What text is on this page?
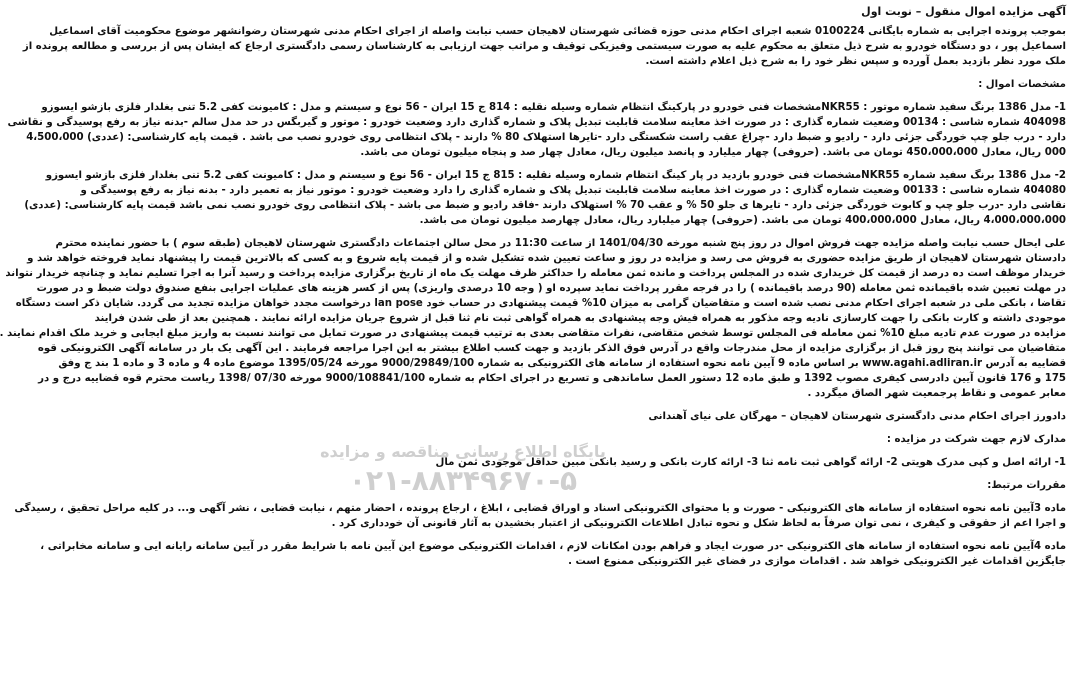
آگهی مزایده اموال منقول – نوبت اول
بموجب پرونده اجرایی به شماره بایگانی 0100224 شعبه اجرای احکام مدنی حوزه قضائی شهرستان لاهیجان حسب نیابت واصله از اجرای احکام مدنی شهرستان رضوانشهر موضوع محکومیت آقای اسماعیل
اسماعیل پور ، دو دستگاه خودرو به شرح ذیل متعلق به محکوم علیه به صورت سیستمی وفیزیکی توقیف و مراتب جهت ارزیابی به کارشناسان رسمی دادگستری ارجاع که ایشان پس از بررسی و مطالعه پرونده از
ملک مورد نظر بازدید بعمل آورده و سپس نظر خود را به شرح ذیل اعلام داشته است.
مشخصات اموال :
1- مدل 1386 برنگ سفید شماره موتور : NKR55مشخصات فنی خودرو در پارکینگ انتظام شماره وسیله نقلیه : 814 ج 15 ایران - 56 نوع و سیستم و مدل : کامیونت کفی 5.2 تنی بغلدار فلزی بازشو ایسوزو
404098 شماره شاسی : 00134 وضعیت شماره گذاری : در صورت اخذ معاینه سلامت قابلیت تبدیل پلاک و شماره گذاری دارد وضعیت خودرو : موتور و گیربگس در حد مدل سالم -بدنه نیاز به رفع پوسیدگی و نقاشی
دارد - درب جلو چپ خوردگی جزئی دارد - رادیو و ضبط دارد -چراغ عقب راست شکستگی دارد -تایرها استهلاک 80 % دارند - پلاک انتظامی روی خودرو نصب می باشد . قیمت پایه کارشناسی: (عددی) 4،500،000
000 ریال، معادل 450،000،000 تومان می باشد. (حروفی) چهار میلیارد و پانصد میلیون ریال، معادل چهار صد و پنجاه میلیون تومان می باشد.
2- مدل 1386 برنگ سفید شماره NKR55مشخصات فنی خودرو بازدید در پار کینگ انتظام شماره وسیله نقلیه : 815 ج 15 ایران - 56 نوع و سیستم و مدل : کامیونت کفی 5.2 تنی بغلدار فلزی بازشو ایسوزو
404080 شماره شاسی : 00133 وضعیت شماره گذاری : در صورت اخذ معاینه سلامت قابلیت تبدیل پلاک و شماره گذاری را دارد وضعیت خودرو : موتور نیاز به تعمیر دارد - بدنه نیاز به رفع پوسیدگی و
نقاشی دارد -درب جلو چپ و کابوت خوردگی جزئی دارد - تایرها ی جلو 50 % و عقب 70 % استهلاک دارند -فاقد رادیو و ضبط می باشد - پلاک انتظامی روی خودرو نصب نمی باشد قیمت پایه کارشناسی: (عددی)
4،000،000،000 ریال، معادل 400،000،000 تومان می باشد. (حروفی) چهار میلیارد ریال، معادل چهارصد میلیون تومان می باشد.
علی ایحال حسب نیابت واصله مزایده جهت فروش اموال در روز پنج شنبه مورخه 1401/04/30 از ساعت 11:30 در محل سالن اجتماعات دادگستری شهرستان لاهیجان (طبقه سوم ) با حضور نماینده محترم
دادستان شهرستان لاهیجان از طریق مزایده حضوری به فروش می رسد و مزایده در روز و ساعت تعیین شده تشکیل شده و از قیمت پایه شروع و به کسی که بالاترین قیمت را پیشنهاد نماید فروخته خواهد شد و
خریدار موظف است ده درصد از قیمت کل خریداری شده در المجلس پرداخت و مانده ثمن معامله را حداکثر ظرف مهلت یک ماه از تاریخ برگزاری مزایده پرداخت و رسید آنرا به اجرا تسلیم نماید و چنانچه خریدار نتواند
در مهلت تعیین شده باقیمانده ثمن معامله (90 درصد باقیمانده ) را در فرجه مقرر پرداخت نماید سپرده او ( وجه 10 درصدی واریزی) پس از کسر هزینه های عملیات اجرایی بنفع صندوق دولت ضبط و در صورت
تقاضا ، بانکی ملی در شعبه اجرای احکام مدنی نصب شده است و متقاضیان گرامی به میزان 10% قیمت پیشنهادی در حساب خود lan pose درخواست مجدد خواهان مزایده تجدید می گردد. شایان ذکر است دستگاه
موجودی داشته و کارت بانکی را جهت کارسازی ناديه وجه مذکور به همراه فیش وجه پیشنهادی به همراه گواهی ثبت نام ثنا قبل از شروع جریان مزایده ارائه نمایند . همچنین بعد از طی شدن فرایند
مزایده در صورت عدم تادیه مبلغ 10% ثمن معامله فی المجلس توسط شخص متقاضی، نفرات متقاضی بعدی به ترتیب قیمت پیشنهادی در صورت تمایل می توانند نسبت به واریز مبلغ ایجابی و خرید ملک اقدام نمایند .
متقاضیان می توانند پنج روز قبل از برگزاری مزایده از محل مندرجات واقع در آدرس فوق الذکر بازدید و جهت کسب اطلاع بیشتر به این اجرا مراجعه فرمایند . این آگهی یک بار در سامانه آگهی الکترونیکی قوه
قضاییه به آدرس www.agahi.adliran.ir بر اساس ماده 9 آیین نامه نحوه استفاده از سامانه های الکترونیکی به شماره 9000/29849/100 مورخه 1395/05/24 موضوع ماده 4 و ماده 3 و ماده 1 بند ج وفق
175 و 176 قانون آیین دادرسی کیفری مصوب 1392 و طبق ماده 12 دستور العمل ساماندهی و تسریع در اجرای احکام به شماره 9000/108841/100 مورخه 07/30 /1398 ریاست محترم قوه قضاییه درج و در
معابر عمومی و نقاط پرجمعیت شهر الصاق میگردد .
دادورز اجرای احکام مدنی دادگستری شهرستان لاهیجان – مهرگان علی نیای آهندانی
مدارک لازم جهت شرکت در مزایده :
1- ارائه اصل و کپی مدرک هویتی 2- ارائه گواهی ثبت نامه ثنا 3- ارائه کارت بانکی و رسید بانکی مبین حداقل موجودی ثمن مال
مقررات مرتبط:
ماده 3آیین نامه نحوه استفاده از سامانه های الکترونیکی - صورت و یا محتوای الکترونیکی اسناد و اوراق قضایی ، ابلاغ ، ارجاع پرونده ، احضار متهم ، نیابت قضایی ، نشر آگهی و... در کلیه مراحل تحقیق ، رسیدگی
و اجرا اعم از حقوقی و کیفری ، نمی توان صرفاً به لحاظ شکل و نحوه تبادل اطلاعات الکترونیکی از اعتبار بخشیدن به آثار قانونی آن خودداری کرد .
ماده 4آیین نامه نحوه استفاده از سامانه های الکترونیکی -در صورت ایجاد و فراهم بودن امکانات لازم ، اقدامات الکترونیکی موضوع این آیین نامه با شرایط مقرر در آیین سامانه رایانه ایی و سامانه مخابراتی ،
جایگزین اقدامات غیر الکترونیکی خواهد شد . اقدامات موازی در فضای غیر الکترونیکی ممنوع است .
پایگاه اطلاع رسانی مناقصه و مزایده
۰۲۱-۸۸۳۴۹۶۷۰-۵
